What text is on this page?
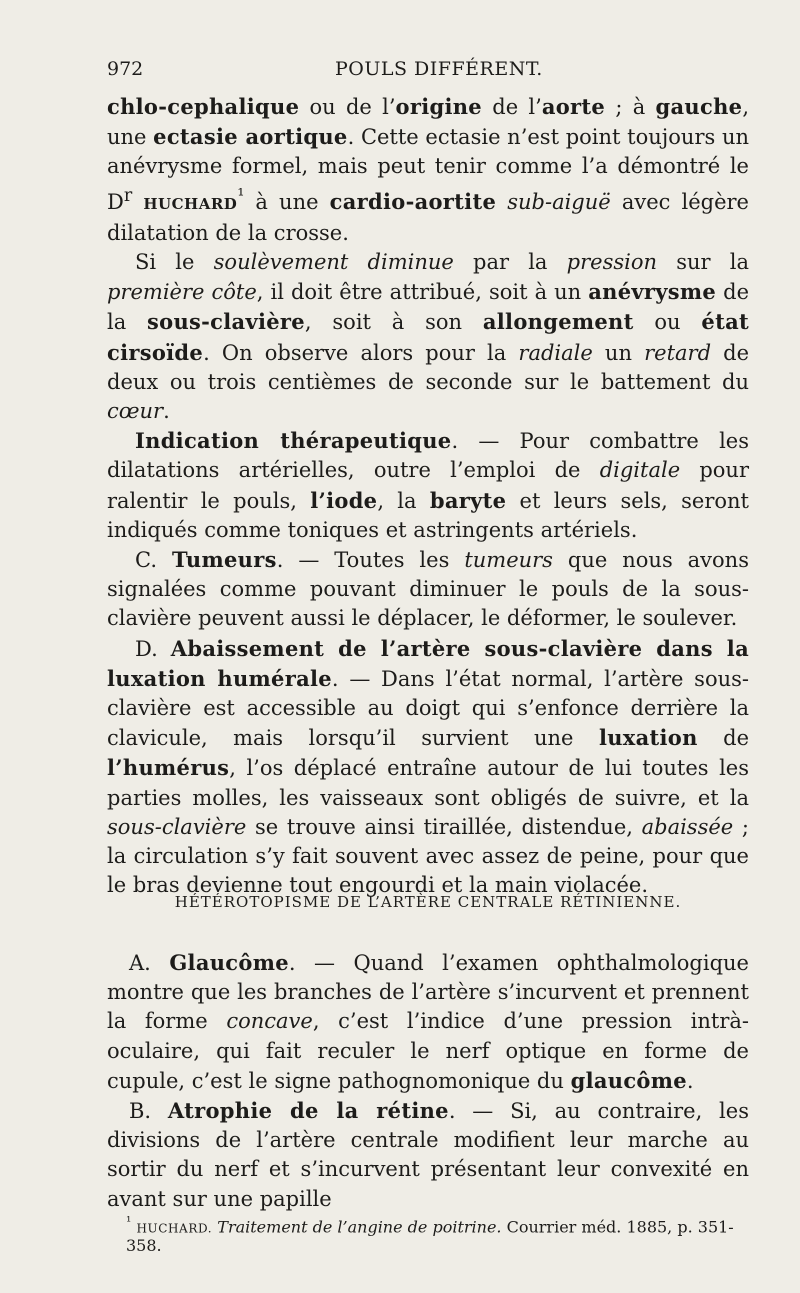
972	POULS DIFFÉRENT.

chlo-cephalique ou de l’origine de l’aorte ; à gauche, une ectasie aortique. Cette ectasie n’est point toujours un anévrysme formel, mais peut tenir comme l’a démontré le $D^r$ $HUCHARD^{^1}$ à une cardio-aortite sub-aiguë avec légère dilatation de la crosse.

Si le soulèvement diminue par la pression sur la première côte, il doit être attribué, soit à un anévrysme de la sous-clavière, soit à son allongement ou état cirsoïde. On observe alors pour la radiale un retard de deux ou trois centièmes de seconde sur le battement du cœur.

Indication thérapeutique. — Pour combattre les dilatations artérielles, outre l’emploi de digitale pour ralentir le pouls, l’iode, la baryte et leurs sels, seront indiqués comme toniques et astringents artériels.

C. Tumeurs. — Toutes les tumeurs que nous avons signalées comme pouvant diminuer le pouls de la sous-clavière peuvent aussi le déplacer, le déformer, le soulever.

D. Abaissement de l’artère sous-clavière dans la luxation humérale. — Dans l’état normal, l’artère sous-clavière est accessible au doigt qui s’enfonce derrière la clavicule, mais lorsqu’il survient une luxation de l’humérus, l’os déplacé entraîne autour de lui toutes les parties molles, les vaisseaux sont obligés de suivre, et la sous-clavière se trouve ainsi tiraillée, distendue, abaissée ; la circulation s’y fait souvent avec assez de peine, pour que le bras devienne tout engourdi et la main violacée.

HÉTÉROTOPISME DE L’ARTÈRE CENTRALE RÉTINIENNE.

A. Glaucôme. — Quand l’examen ophthalmologique montre que les branches de l’artère s’incurvent et prennent la forme concave, c’est l’indice d’une pression intrà-oculaire, qui fait reculer le nerf optique en forme de cupule, c’est le signe pathognomonique du glaucôme.

B. Atrophie de la rétine. — Si, au contraire, les divisions de l’artère centrale modifient leur marche au sortir du nerf et s’incurvent présentant leur convexité en avant sur une papille

$^{^1}$ HUCHARD. Traitement de l’angine de poitrine. Courrier méd. 1885, p. 351-358.
